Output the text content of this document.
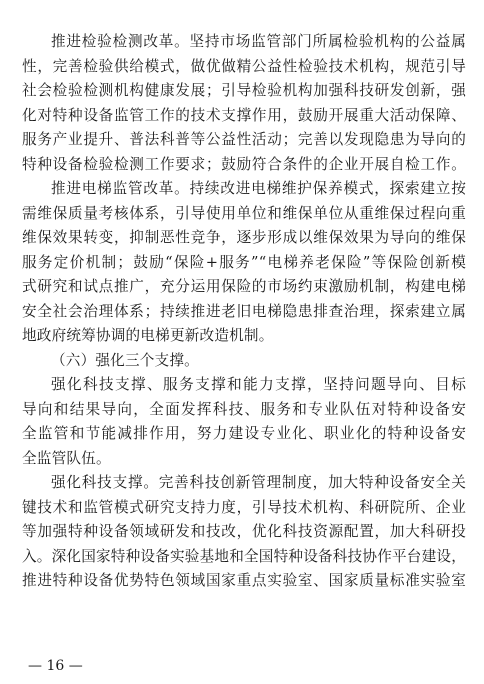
推进检验检测改革。坚持市场监管部门所属检验机构的公益属
性，完善检验供给模式，做优做精公益性检验技术机构，规范引导
社会检验检测机构健康发展；引导检验机构加强科技研发创新，强
化对特种设备监管工作的技术支撑作用，鼓励开展重大活动保障、
服务产业提升、普法科普等公益性活动；完善以发现隐患为导向的
特种设备检验检测工作要求；鼓励符合条件的企业开展自检工作。
推进电梯监管改革。持续改进电梯维护保养模式，探索建立按
需维保质量考核体系，引导使用单位和维保单位从重维保过程向重
维保效果转变，抑制恶性竞争，逐步形成以维保效果为导向的维保
服务定价机制；鼓励“保险+服务”“电梯养老保险”等保险创新模
式研究和试点推广，充分运用保险的市场约束激励机制，构建电梯
安全社会治理体系；持续推进老旧电梯隐患排查治理，探索建立属
地政府统筹协调的电梯更新改造机制。
（六）强化三个支撑。
强化科技支撑、服务支撑和能力支撑，坚持问题导向、目标
导向和结果导向，全面发挥科技、服务和专业队伍对特种设备安
全监管和节能减排作用，努力建设专业化、职业化的特种设备安
全监管队伍。
强化科技支撑。完善科技创新管理制度，加大特种设备安全关
键技术和监管模式研究支持力度，引导技术机构、科研院所、企业
等加强特种设备领域研发和技改，优化科技资源配置，加大科研投
入。深化国家特种设备实验基地和全国特种设备科技协作平台建设，
推进特种设备优势特色领域国家重点实验室、国家质量标准实验室
— 16 —
